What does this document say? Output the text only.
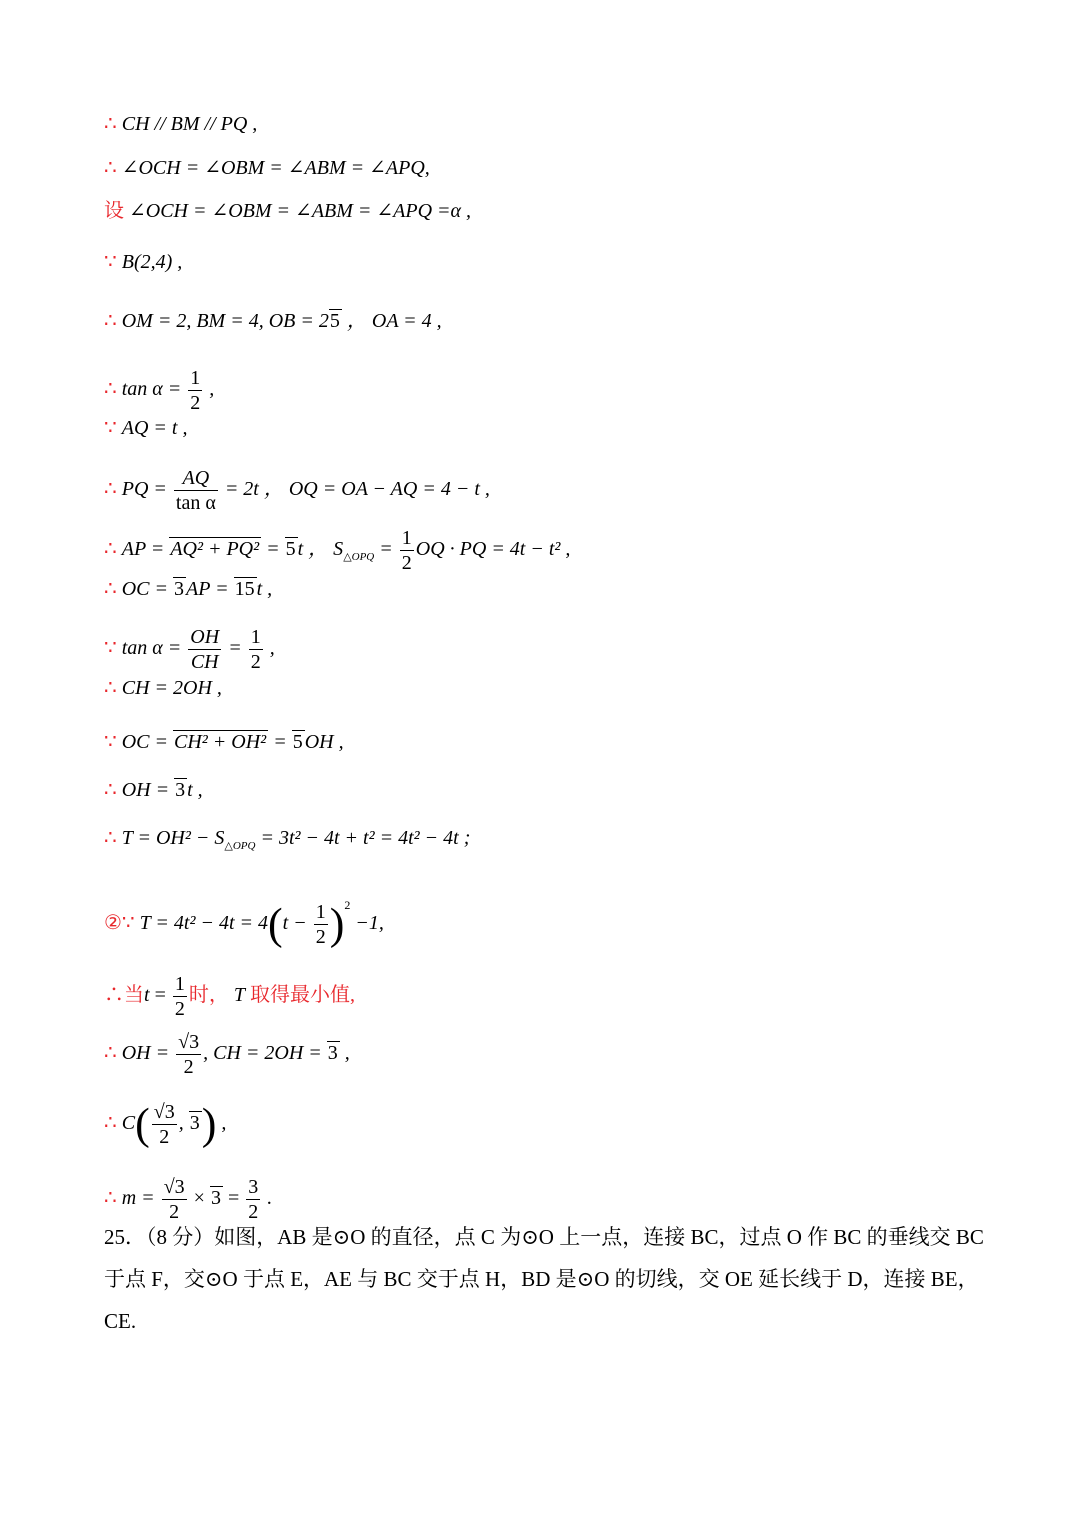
∴ CH // BM // PQ ,
∴ ∠OCH = ∠OBM = ∠ABM = ∠APQ,
设 ∠OCH = ∠OBM = ∠ABM = ∠APQ =α ,
∵ B(2,4) ,
∴ OM = 2, BM = 4, OB = 25 ， OA = 4 ,
∴ $\tan \alpha = \frac{1}{2}$ ,
∵ AQ = t ,
∴ PQ = $\frac{AQ}{\text{tan α}} = 2t$ ， OQ = OA − AQ = 4 − t ,
∴ AP = AQ² + PQ² = 5 t ， $S_{\triangle OPQ} = \frac{1}{2}$ OQ · PQ = 4t − t² ,
∴ OC = 3 AP = 15 t ,
∵ $\tan \alpha = \frac{OH}{CH} = \frac{1}{2}$ ,
∴ CH = 2OH ,
∵ OC = CH² + OH² = 5 OH ,
∴ OH = 3 t ,
∴ $T = OH^2 - S_{\triangle OPQ} = 3t^2 - 4t + t^2 = 4t^2 - 4t$ ;
②∵ $T = 4t^2 - 4t = 4(t - \frac{1}{2} )^2 -1$,
∴当$t = \frac{1}{2}$ 时， T 取得最小值,
∴ OH = $\frac{√3}{2}$ , CH = 2OH = 3 ,
∴ $C( \frac{√3}{2}$ , 3) ,
∴ $m = \frac{√3}{2} \times 3 = \frac{3}{2}$ .
25．（8 分）如图，AB 是⊙O 的直径，点 C 为⊙O 上一点，连接 BC，过点 O 作 BC 的垂线交 BC
于点 F，交⊙O 于点 E，AE 与 BC 交于点 H，BD 是⊙O 的切线，交 OE 延长线于 D，连接 BE，CE.
